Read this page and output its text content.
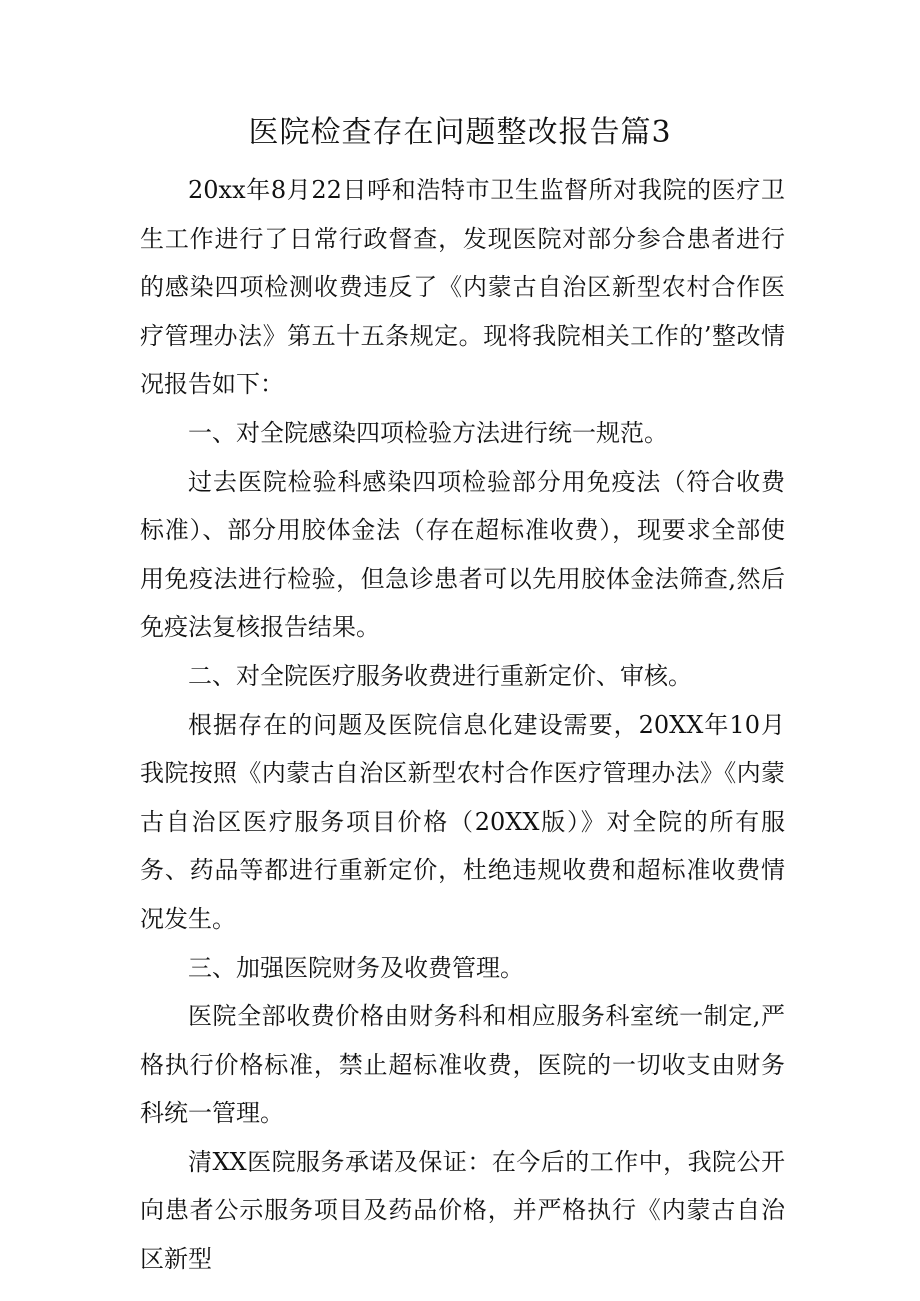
医院检查存在问题整改报告篇3

20xx年8月22日呼和浩特市卫生监督所对我院的医疗卫生工作进行了日常行政督查，发现医院对部分参合患者进行的感染四项检测收费违反了《内蒙古自治区新型农村合作医疗管理办法》第五十五条规定。现将我院相关工作的’整改情况报告如下：

一、对全院感染四项检验方法进行统一规范。

过去医院检验科感染四项检验部分用免疫法（符合收费标准）、部分用胶体金法（存在超标准收费），现要求全部使用免疫法进行检验，但急诊患者可以先用胶体金法筛查,然后免疫法复核报告结果。

二、对全院医疗服务收费进行重新定价、审核。

根据存在的问题及医院信息化建设需要，20XX年10月我院按照《内蒙古自治区新型农村合作医疗管理办法》《内蒙古自治区医疗服务项目价格（20XX版）》对全院的所有服务、药品等都进行重新定价，杜绝违规收费和超标准收费情况发生。

三、加强医院财务及收费管理。

医院全部收费价格由财务科和相应服务科室统一制定,严格执行价格标准，禁止超标准收费，医院的一切收支由财务科统一管理。

清XX医院服务承诺及保证：在今后的工作中，我院公开向患者公示服务项目及药品价格，并严格执行《内蒙古自治区新型
